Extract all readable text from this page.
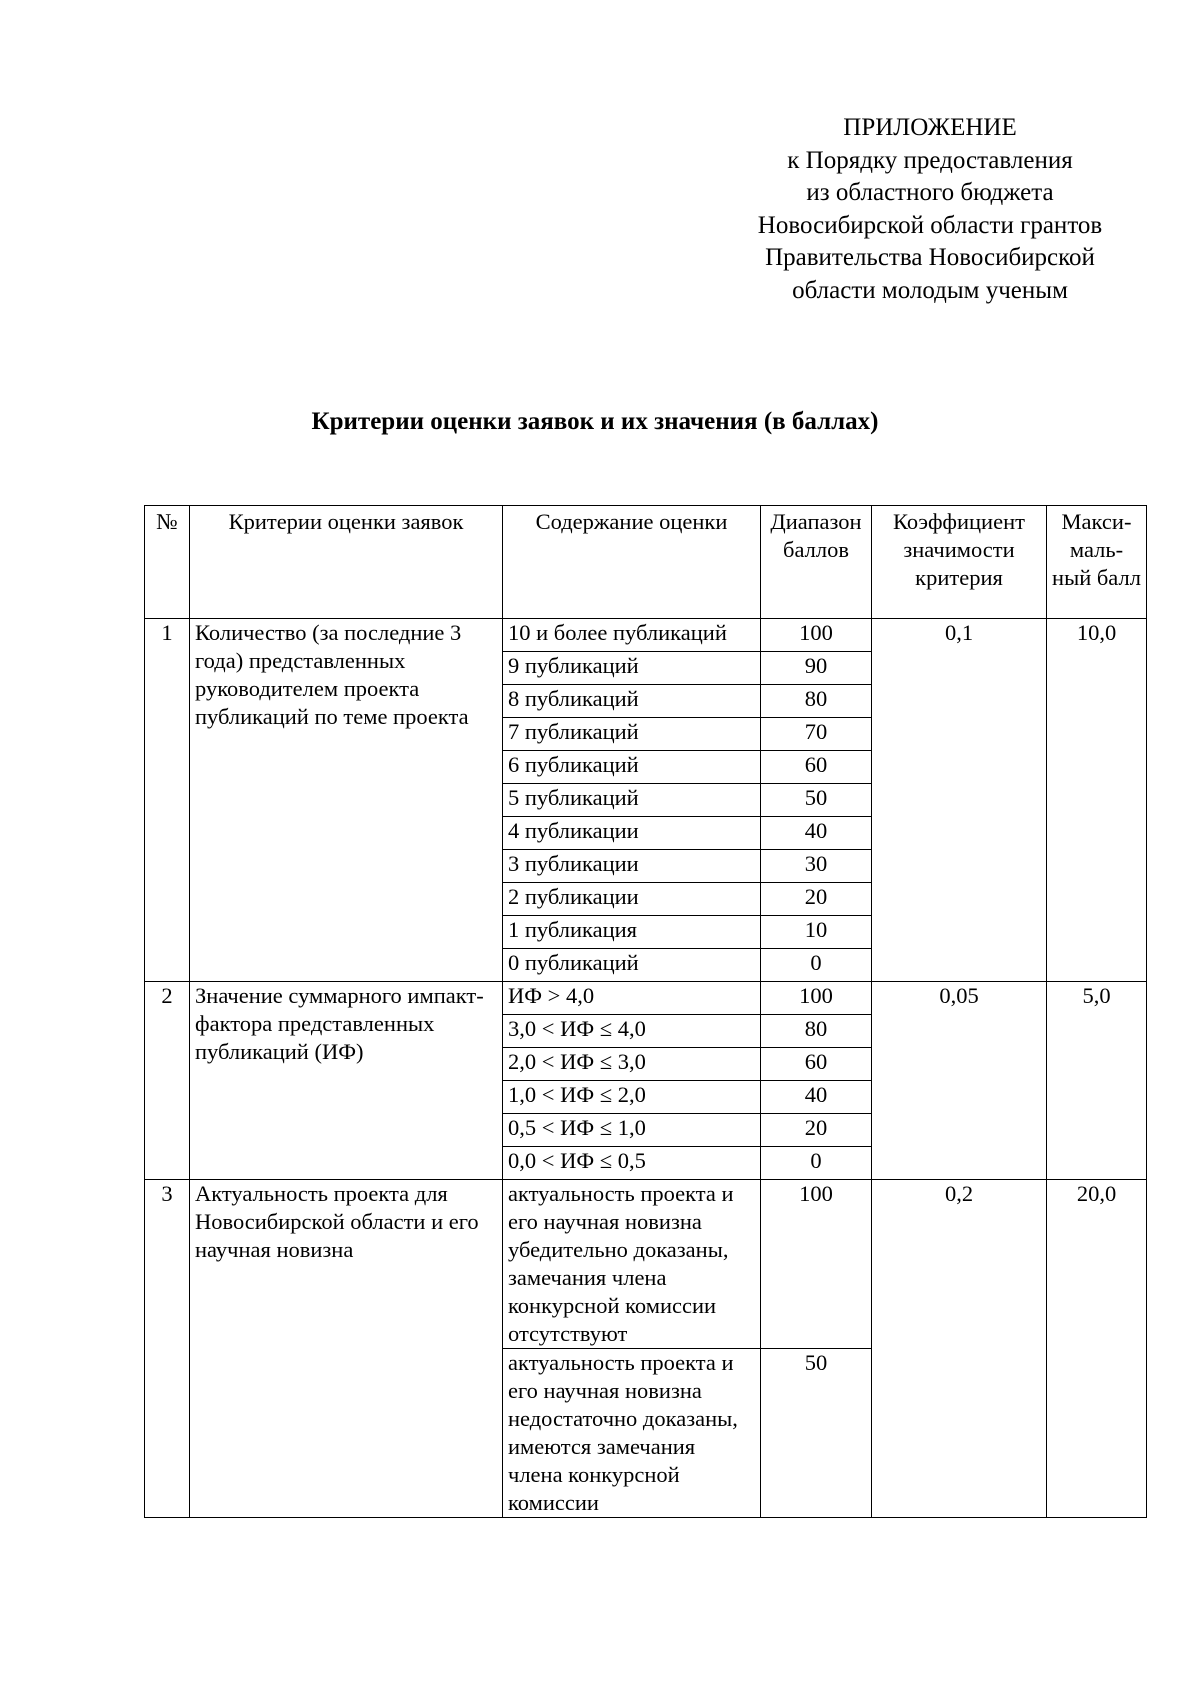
ПРИЛОЖЕНИЕ
к Порядку предоставления
из областного бюджета
Новосибирской области грантов
Правительства Новосибирской
области молодым ученым
Критерии оценки заявок и их значения (в баллах)
№	Критерии оценки заявок	Содержание оценки	Диапазон баллов	Коэффициент значимости критерия	Макси-маль-ный балл
1	Количество (за последние 3 года) представленных руководителем проекта публикаций по теме проекта	10 и более публикаций	100	0,1	10,0
		9 публикаций	90		
		8 публикаций	80		
		7 публикаций	70		
		6 публикаций	60		
		5 публикаций	50		
		4 публикации	40		
		3 публикации	30		
		2 публикации	20		
		1 публикация	10		
		0 публикаций	0		
2	Значение суммарного импакт-фактора представленных публикаций (ИФ)	ИФ > 4,0	100	0,05	5,0
		3,0 < ИФ ≤ 4,0	80		
		2,0 < ИФ ≤ 3,0	60		
		1,0 < ИФ ≤ 2,0	40		
		0,5 < ИФ ≤ 1,0	20		
		0,0 < ИФ ≤ 0,5	0		
3	Актуальность проекта для Новосибирской области и его научная новизна	актуальность проекта и его научная новизна убедительно доказаны, замечания члена конкурсной комиссии отсутствуют	100	0,2	20,0
		актуальность проекта и его научная новизна недостаточно доказаны, имеются замечания члена конкурсной комиссии	50		
